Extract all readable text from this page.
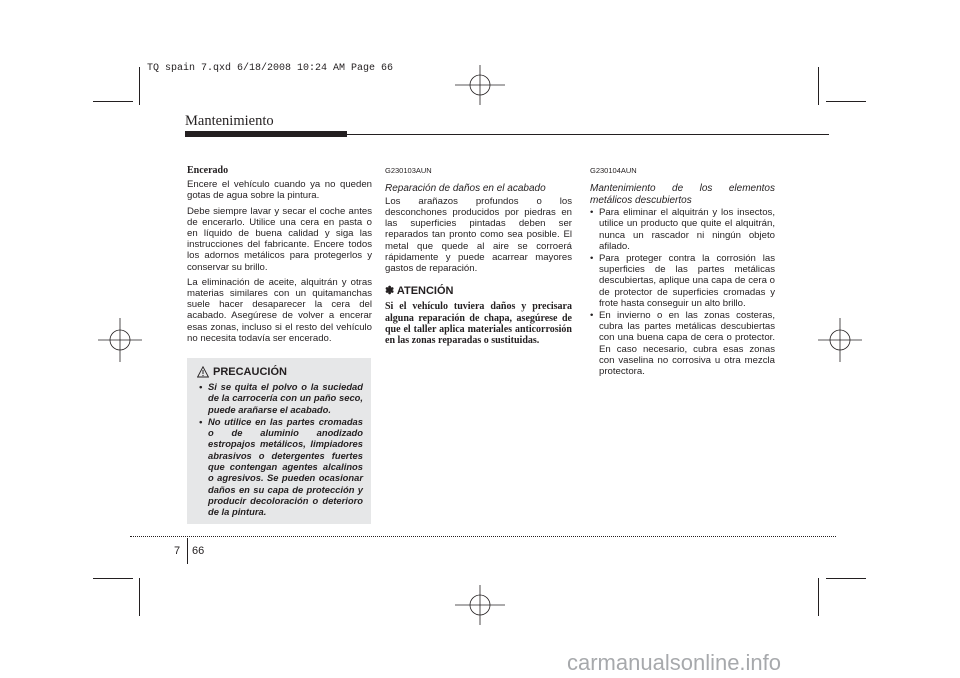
TQ spain 7.qxd 6/18/2008 10:24 AM Page 66
Mantenimiento
Encerado

Encere el vehículo cuando ya no queden gotas de agua sobre la pintura.

Debe siempre lavar y secar el coche antes de encerarlo. Utilice una cera en pasta o en líquido de buena calidad y siga las instrucciones del fabricante. Encere todos los adornos metálicos para protegerlos y conservar su brillo.

La eliminación de aceite, alquitrán y otras materias similares con un quitamanchas suele hacer desaparecer la cera del acabado. Asegúrese de volver a encerar esas zonas, incluso si el resto del vehículo no necesita todavía ser encerado.

PRECAUCIÓN
• Si se quita el polvo o la suciedad de la carrocería con un paño seco, puede arañarse el acabado.
• No utilice en las partes cromadas o de aluminio anodizado estropajos metálicos, limpiadores abrasivos o detergentes fuertes que contengan agentes alcalinos o agresivos. Se pueden ocasionar daños en su capa de protección y producir decoloración o deterioro de la pintura.
G230103AUN
Reparación de daños en el acabado

Los arañazos profundos o los desconchones producidos por piedras en las superficies pintadas deben ser reparados tan pronto como sea posible. El metal que quede al aire se corroerá rápidamente y puede acarrear mayores gastos de reparación.

✽ ATENCIÓN
Si el vehículo tuviera daños y precisara alguna reparación de chapa, asegúrese de que el taller aplica materiales anticorrosión en las zonas reparadas o sustituidas.
G230104AUN
Mantenimiento de los elementos metálicos descubiertos
• Para eliminar el alquitrán y los insectos, utilice un producto que quite el alquitrán, nunca un rascador ni ningún objeto afilado.
• Para proteger contra la corrosión las superficies de las partes metálicas descubiertas, aplique una capa de cera o de protector de superficies cromadas y frote hasta conseguir un alto brillo.
• En invierno o en las zonas costeras, cubra las partes metálicas descubiertas con una buena capa de cera o protector. En caso necesario, cubra esas zonas con vaselina no corrosiva u otra mezcla protectora.
7 66
carmanualsonline.info
